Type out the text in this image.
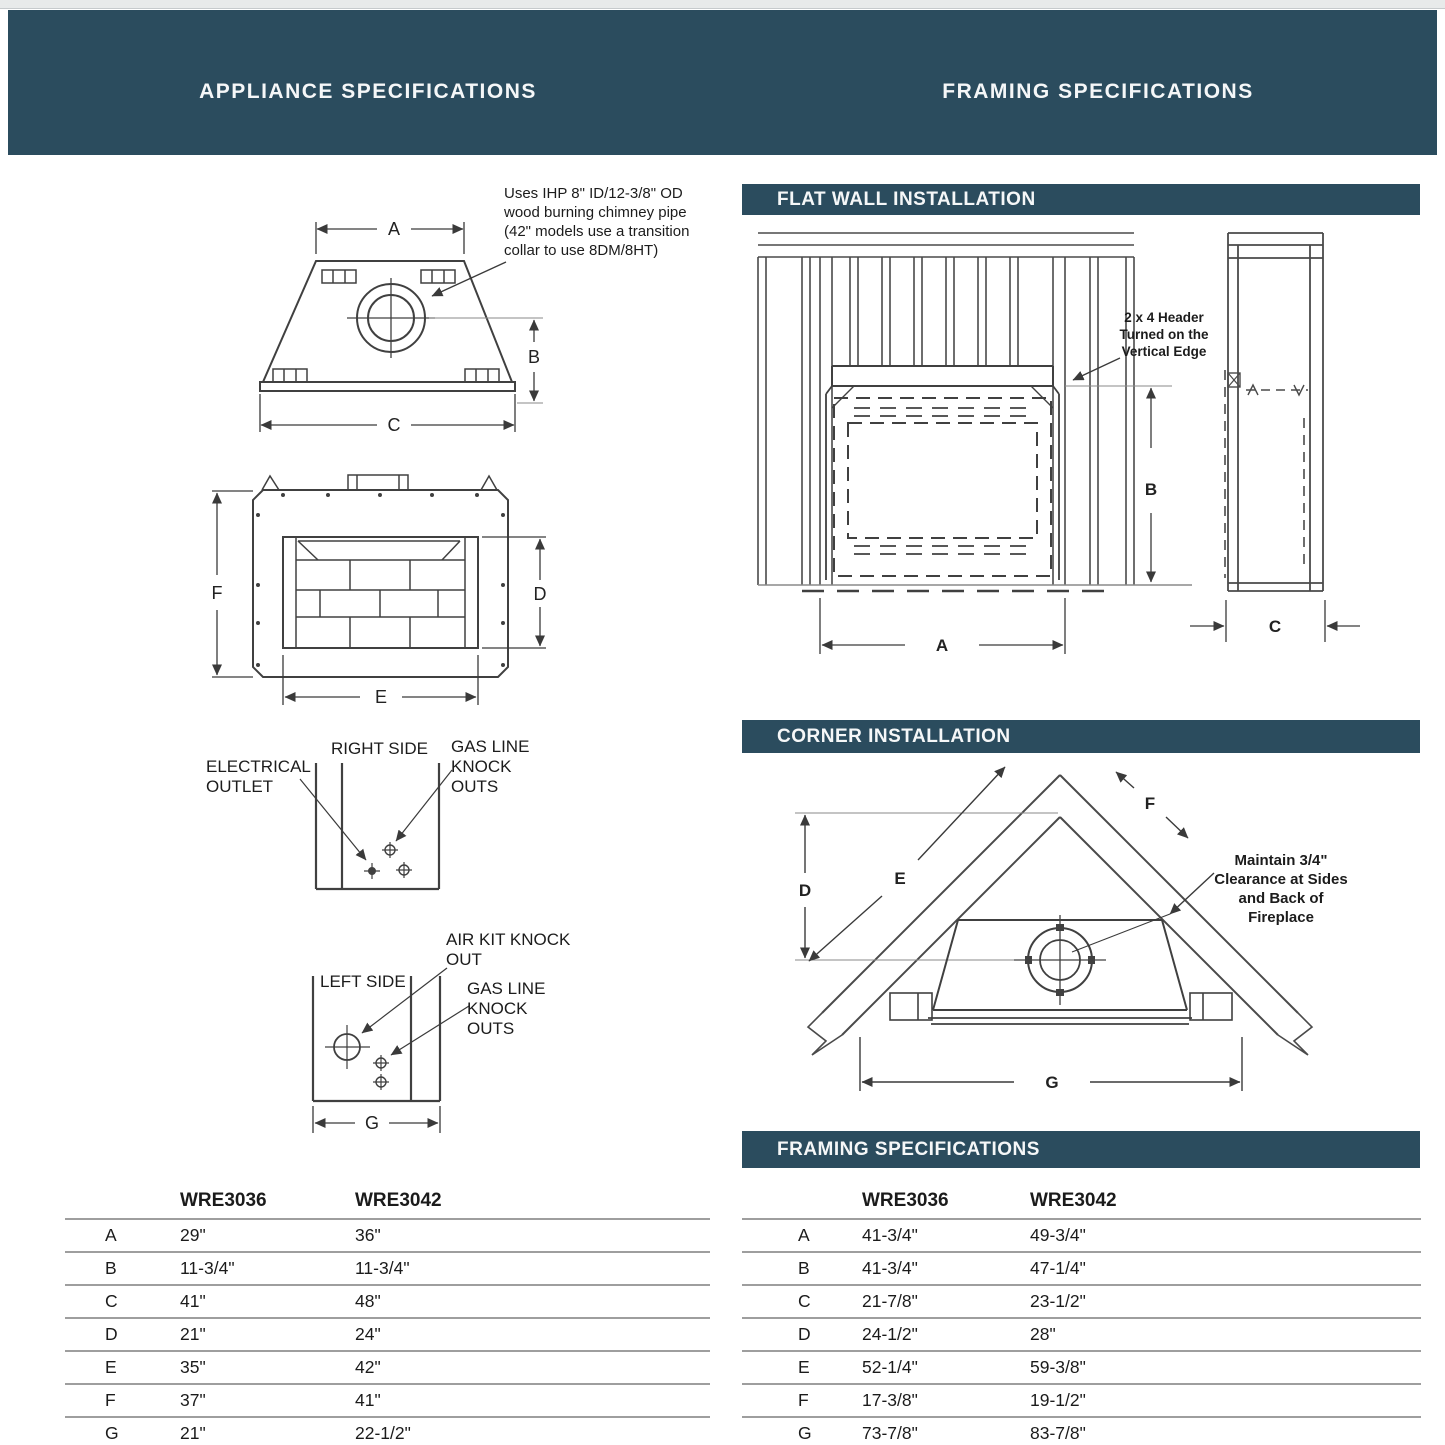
APPLIANCE SPECIFICATIONS	FRAMING SPECIFICATIONS
A
C
B
Uses IHP 8" ID/12-3/8" OD wood burning chimney pipe (42" models use a transition collar to use 8DM/8HT)
F	D
E
RIGHT SIDE
ELECTRICAL OUTLET
GAS LINE KNOCK OUTS
G
LEFT SIDE
AIR KIT KNOCK OUT
GAS LINE KNOCK OUTS
WRE3036	WRE3042
A	29"	36"
B	11-3/4"	11-3/4"
C	41"	48"
D	21"	24"
E	35"	42"
F	37"	41"
G	21"	22-1/2"
FLAT WALL INSTALLATION
A
B
C
2 x 4 Header Turned on the Vertical Edge
CORNER INSTALLATION
D
E
F
G
Maintain 3/4" Clearance at Sides and Back of Fireplace
FRAMING SPECIFICATIONS
WRE3036	WRE3042
A	41-3/4"	49-3/4"
B	41-3/4"	47-1/4"
C	21-7/8"	23-1/2"
D	24-1/2"	28"
E	52-1/4"	59-3/8"
F	17-3/8"	19-1/2"
G	73-7/8"	83-7/8"
